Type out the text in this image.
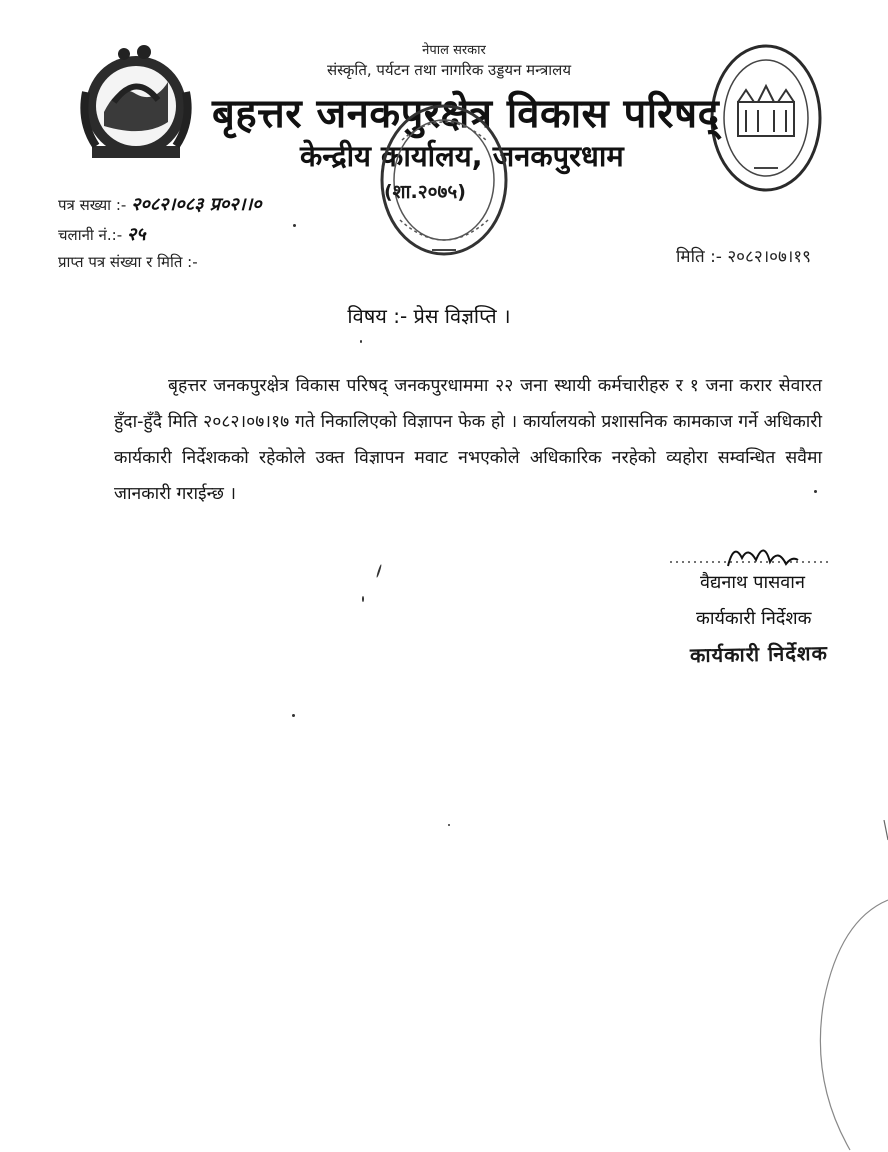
नेपाल सरकार
संस्कृति, पर्यटन तथा नागरिक उड्डयन मन्त्रालय
बृहत्तर जनकपुरक्षेत्र विकास परिषद्
केन्द्रीय कार्यालय, जनकपुरधाम
(शा.२०७५)
पत्र सख्या :- २०८२।०८३ प्र०२।।०
चलानी नं.:- २५
प्राप्त पत्र संख्या र मिति :-	मिति :- २०८२।०७।१९
विषय :- प्रेस विज्ञप्ति ।
बृहत्तर जनकपुरक्षेत्र विकास परिषद् जनकपुरधाममा २२ जना स्थायी कर्मचारीहरु र १ जना करार सेवारत हुँदा-हुँदै मिति २०८२।०७।१७ गते निकालिएको विज्ञापन फेक हो । कार्यालयको प्रशासनिक कामकाज गर्ने अधिकारी कार्यकारी निर्देशकको रहेकोले उक्त विज्ञापन मवाट नभएकोले अधिकारिक नरहेको व्यहोरा सम्वन्धित सवैमा जानकारी गराईन्छ ।
वैद्यनाथ पासवान
कार्यकारी निर्देशक
कार्यकारी निर्देशक
